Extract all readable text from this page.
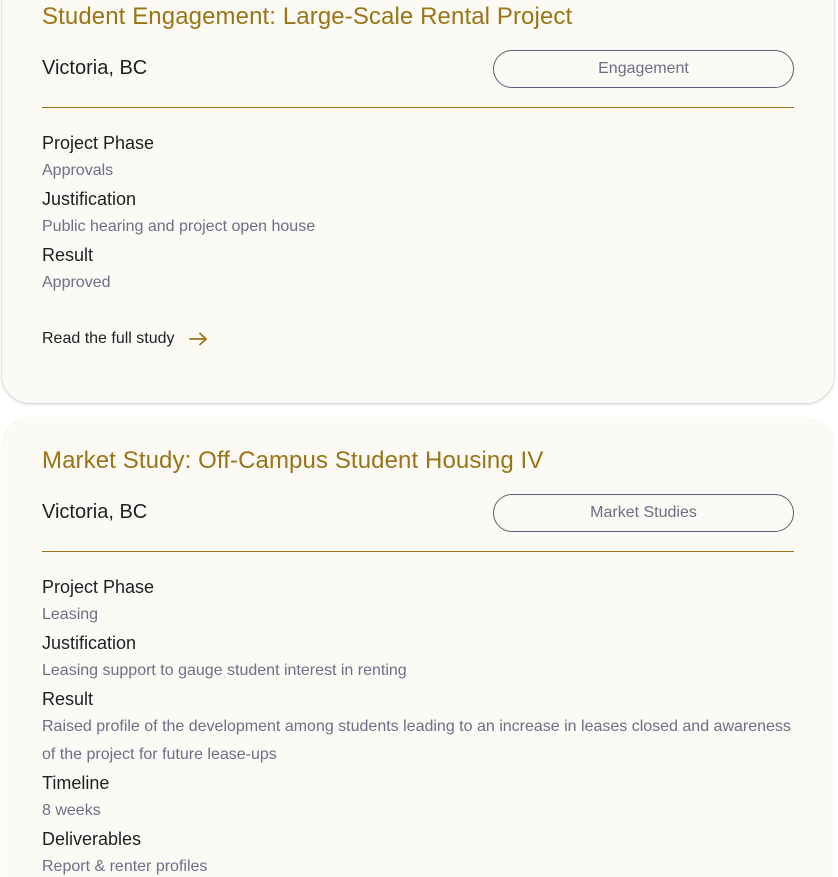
Student Engagement: Large-Scale Rental Project
Victoria, BC	Engagement
Project Phase
Approvals
Justification
Public hearing and project open house
Result
Approved
Read the full study
Market Study: Off-Campus Student Housing IV
Victoria, BC	Market Studies
Project Phase
Leasing
Justification
Leasing support to gauge student interest in renting
Result
Raised profile of the development among students leading to an increase in leases closed and awareness of the project for future lease-ups
Timeline
8 weeks
Deliverables
Report & renter profiles
